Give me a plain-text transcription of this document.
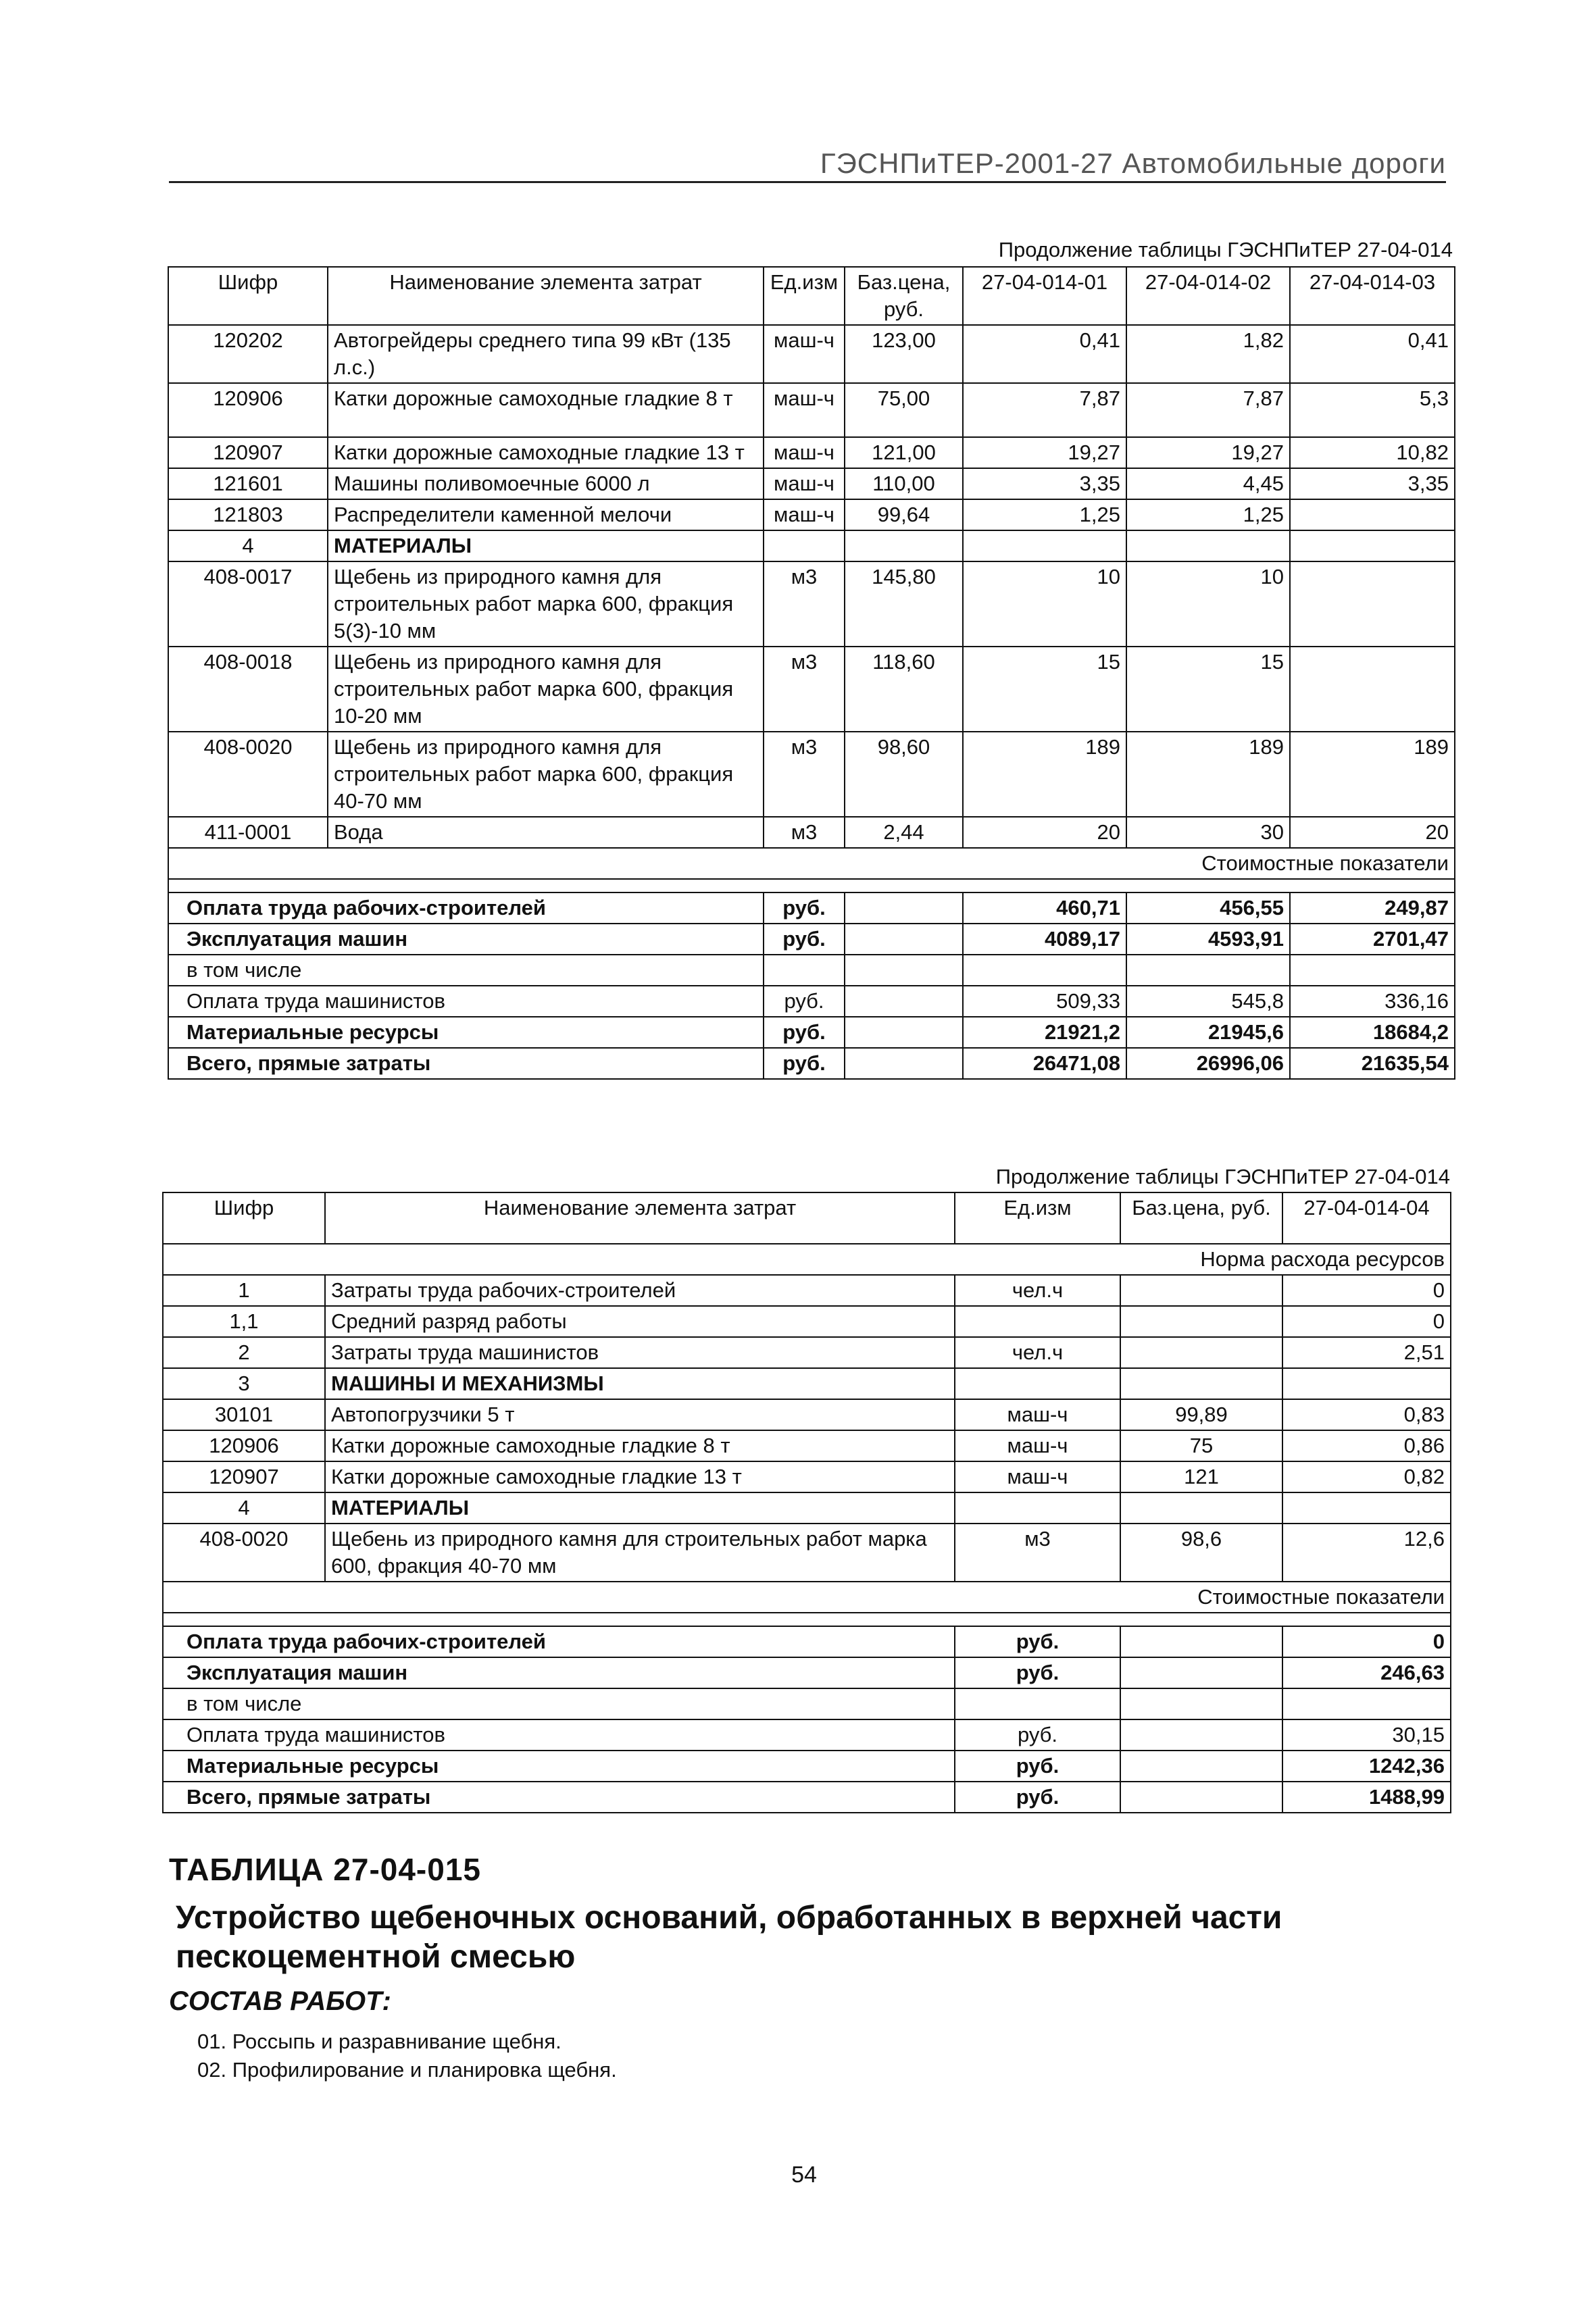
ГЭСНПиТЕР-2001-27 Автомобильные дороги
Продолжение таблицы ГЭСНПиТЕР 27-04-014
Шифр	Наименование элемента затрат	Ед.изм	Баз.цена, руб.	27-04-014-01	27-04-014-02	27-04-014-03
120202	Автогрейдеры среднего типа 99 кВт (135 л.с.)	маш-ч	123,00	0,41	1,82	0,41
120906	Катки дорожные самоходные гладкие 8 т	маш-ч	75,00	7,87	7,87	5,3
120907	Катки дорожные самоходные гладкие 13 т	маш-ч	121,00	19,27	19,27	10,82
121601	Машины поливомоечные 6000 л	маш-ч	110,00	3,35	4,45	3,35
121803	Распределители каменной мелочи	маш-ч	99,64	1,25	1,25	
4	МАТЕРИАЛЫ					
408-0017	Щебень из природного камня для строительных работ марка 600, фракция 5(3)-10 мм	м3	145,80	10	10	
408-0018	Щебень из природного камня для строительных работ марка 600, фракция 10-20 мм	м3	118,60	15	15	
408-0020	Щебень из природного камня для строительных работ марка 600, фракция 40-70 мм	м3	98,60	189	189	189
411-0001	Вода	м3	2,44	20	30	20
Стоимостные показатели						

Оплата труда рабочих-строителей		руб.		460,71	456,55	249,87
Эксплуатация машин		руб.		4089,17	4593,91	2701,47
в том числе						
Оплата труда машинистов		руб.		509,33	545,8	336,16
Материальные ресурсы		руб.		21921,2	21945,6	18684,2
Всего, прямые затраты		руб.		26471,08	26996,06	21635,54
Продолжение таблицы ГЭСНПиТЕР 27-04-014
Шифр	Наименование элемента затрат	Ед.изм	Баз.цена, руб.	27-04-014-04
Норма расхода ресурсов				
1	Затраты труда рабочих-строителей	чел.ч		0
1,1	Средний разряд работы			0
2	Затраты труда машинистов	чел.ч		2,51
3	МАШИНЫ И МЕХАНИЗМЫ			
30101	Автопогрузчики 5 т	маш-ч	99,89	0,83
120906	Катки дорожные самоходные гладкие 8 т	маш-ч	75	0,86
120907	Катки дорожные самоходные гладкие 13 т	маш-ч	121	0,82
4	МАТЕРИАЛЫ			
408-0020	Щебень из природного камня для строительных работ марка 600, фракция 40-70 мм	м3	98,6	12,6
Стоимостные показатели				

Оплата труда рабочих-строителей		руб.		0
Эксплуатация машин		руб.		246,63
в том числе				
Оплата труда машинистов		руб.		30,15
Материальные ресурсы		руб.		1242,36
Всего, прямые затраты		руб.		1488,99
ТАБЛИЦА 27-04-015
Устройство щебеночных оснований, обработанных в верхней части пескоцементной смесью
СОСТАВ РАБОТ:
01. Россыпь и разравнивание щебня.
02. Профилирование и планировка щебня.
54
